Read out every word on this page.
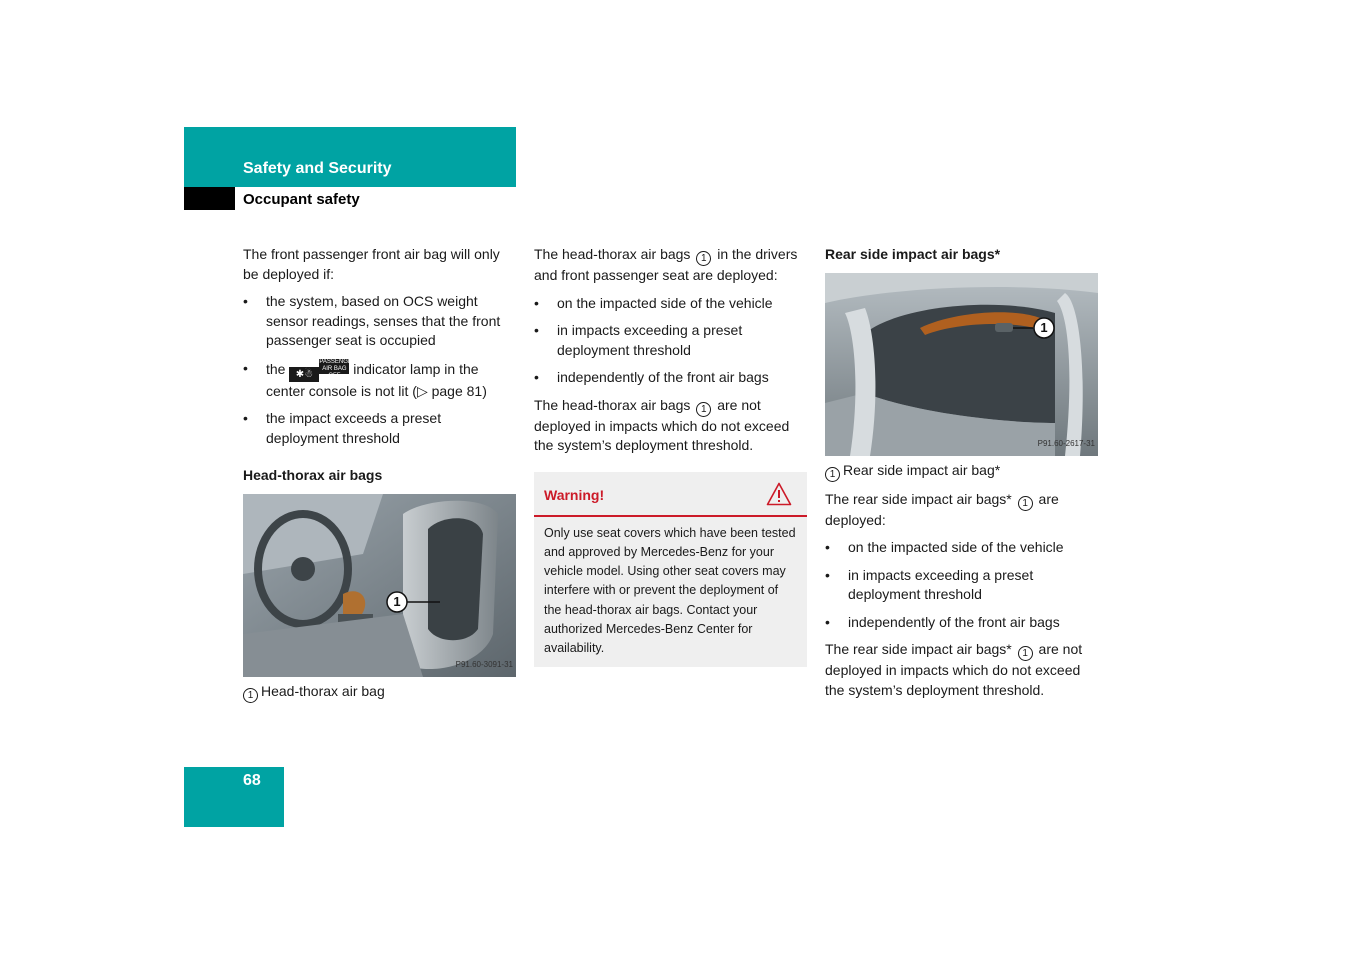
Safety and Security
Occupant safety

The front passenger front air bag will only be deployed if:

• the system, based on OCS weight sensor readings, senses that the front passenger seat is occupied
• the ✱☃PASSENGER AIR BAG OFF indicator lamp in the center console is not lit (▷ page 81)
• the impact exceeds a preset deployment threshold
Head-thorax air bags
1
P91.60-3091-31

1 Head-thorax air bag

The head-thorax air bags 1 in the drivers and front passenger seat are deployed:

• on the impacted side of the vehicle
• in impacts exceeding a preset deployment threshold
• independently of the front air bags

The head-thorax air bags 1 are not deployed in impacts which do not exceed the system’s deployment threshold.

Warning!
Only use seat covers which have been tested and approved by Mercedes-Benz for your vehicle model. Using other seat covers may interfere with or prevent the deployment of the head-thorax air bags. Contact your authorized Mercedes-Benz Center for availability.
Rear side impact air bags*
1
P91.60-2617-31

1 Rear side impact air bag*

The rear side impact air bags* 1 are deployed:

• on the impacted side of the vehicle
• in impacts exceeding a preset deployment threshold
• independently of the front air bags

The rear side impact air bags* 1 are not deployed in impacts which do not exceed the system’s deployment threshold.

68
